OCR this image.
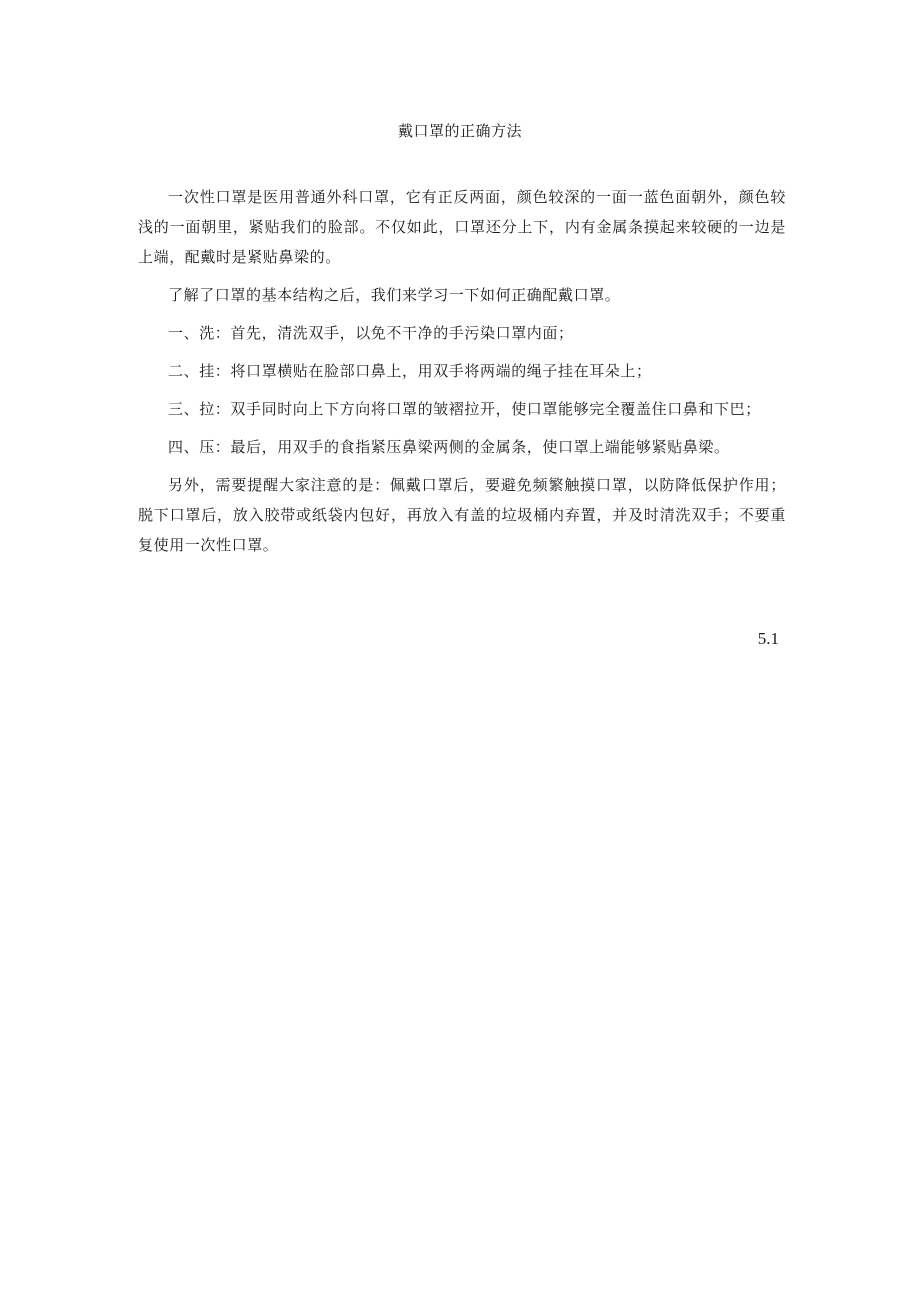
戴口罩的正确方法

一次性口罩是医用普通外科口罩，它有正反两面，颜色较深的一面一蓝色面朝外，颜色较浅的一面朝里，紧贴我们的脸部。不仅如此，口罩还分上下，内有金属条摸起来较硬的一边是上端，配戴时是紧贴鼻梁的。

了解了口罩的基本结构之后，我们来学习一下如何正确配戴口罩。

一、洗：首先，清洗双手，以免不干净的手污染口罩内面；

二、挂：将口罩横贴在脸部口鼻上，用双手将两端的绳子挂在耳朵上；

三、拉：双手同时向上下方向将口罩的皱褶拉开，使口罩能够完全覆盖住口鼻和下巴；

四、压：最后，用双手的食指紧压鼻梁两侧的金属条，使口罩上端能够紧贴鼻梁。

另外，需要提醒大家注意的是：佩戴口罩后，要避免频繁触摸口罩，以防降低保护作用；脱下口罩后，放入胶带或纸袋内包好，再放入有盖的垃圾桶内弃置，并及时清洗双手；不要重复使用一次性口罩。

5.1
